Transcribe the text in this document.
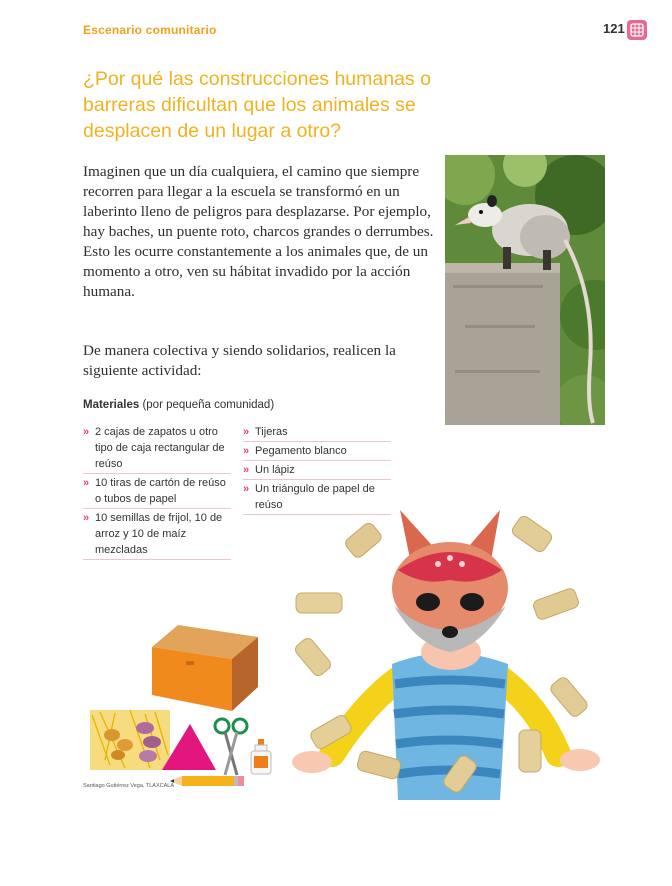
Escenario comunitario	121
¿Por qué las construcciones humanas o barreras dificultan que los animales se desplacen de un lugar a otro?

Imaginen que un día cualquiera, el camino que siempre recorren para llegar a la escuela se transformó en un laberinto lleno de peligros para desplazarse. Por ejemplo, hay baches, un puente roto, charcos grandes o derrumbes. Esto les ocurre constantemente a los animales que, de un momento a otro, ven su hábitat invadido por la acción humana.

De manera colectiva y siendo solidarios, realicen la siguiente actividad:

Materiales (por pequeña comunidad)
» 2 cajas de zapatos u otro tipo de caja rectangular de reúso
» 10 tiras de cartón de reúso o tubos de papel
» 10 semillas de frijol, 10 de arroz y 10 de maíz mezcladas
» Tijeras
» Pegamento blanco
» Un lápiz
» Un triángulo de papel de reúso
Santiago Gutiérrez Vega, TLAXCALA
